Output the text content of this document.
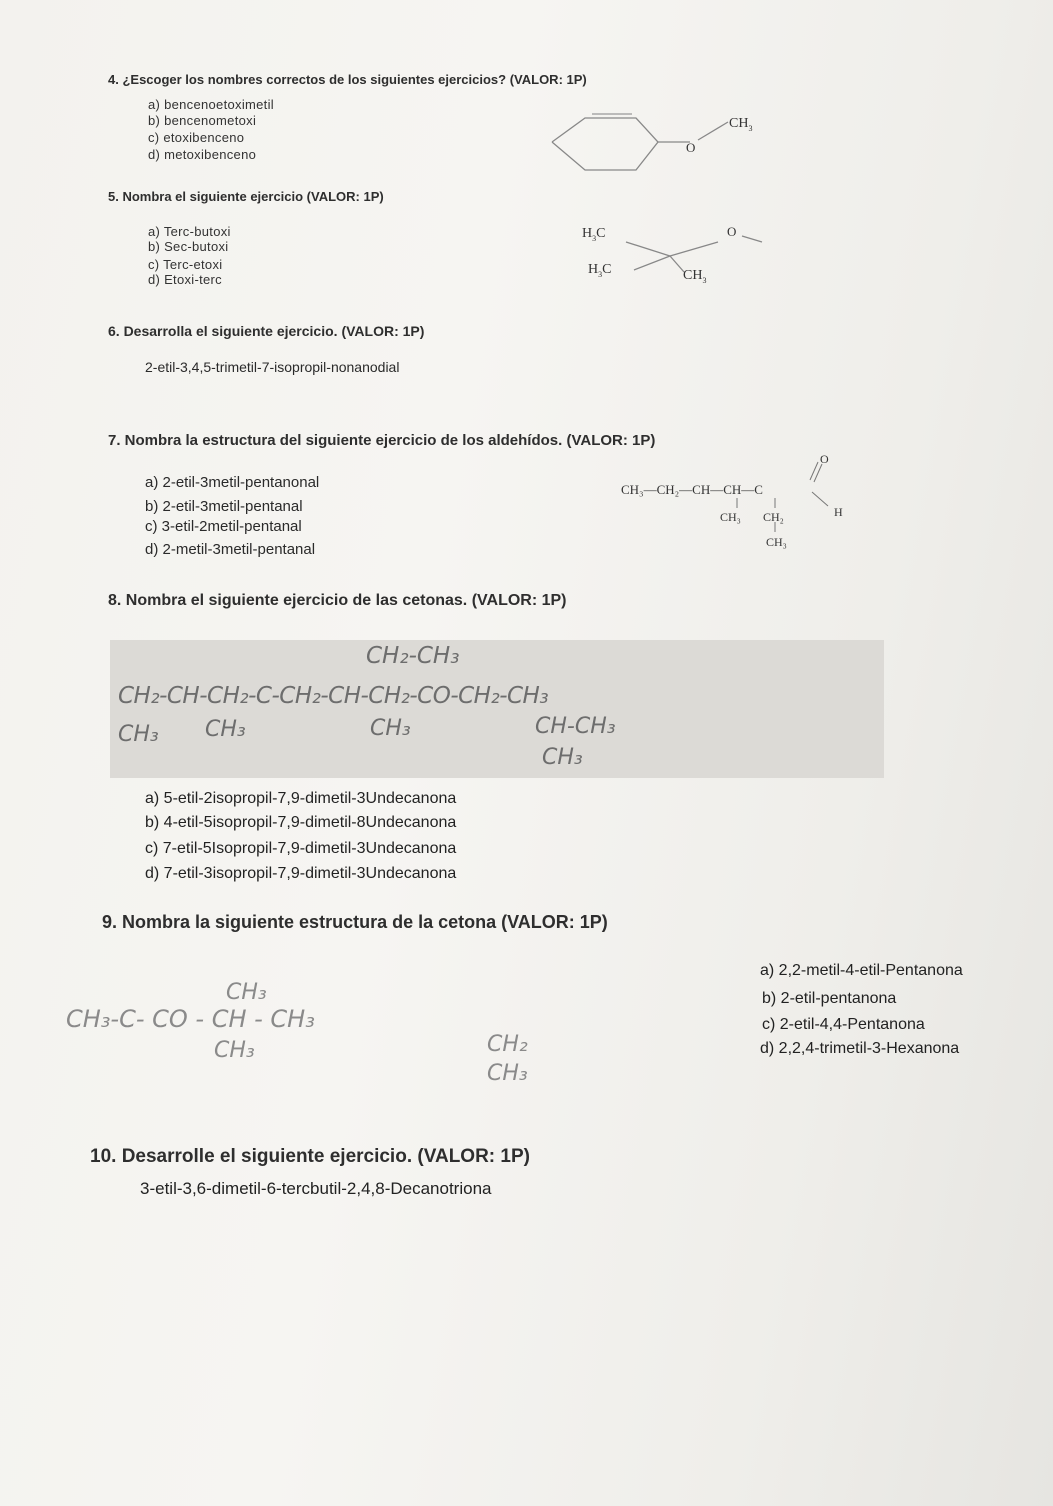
4. ¿Escoger los nombres correctos de los siguientes ejercicios? (VALOR: 1P)
a) bencenoetoximetil
b) bencenometoxi
c) etoxibenceno
d) metoxibenceno
$CH_3$
O
5. Nombra el siguiente ejercicio (VALOR: 1P)
a) Terc-butoxi
b) Sec-butoxi
c) Terc-etoxi
d) Etoxi-terc
$H_3C$
$H_3C$
O
$CH_3$
6. Desarrolla el siguiente ejercicio. (VALOR: 1P)
2-etil-3,4,5-trimetil-7-isopropil-nonanodial
7. Nombra la estructura del siguiente ejercicio de los aldehídos. (VALOR: 1P)
a) 2-etil-3metil-pentanonal
b) 2-etil-3metil-pentanal
c) 3-etil-2metil-pentanal
d) 2-metil-3metil-pentanal
CH₃—CH₂—CH—CH—C
O
H
CH₃ CH₂
CH₃
8. Nombra el siguiente ejercicio de las cetonas. (VALOR: 1P)
CH₂-CH₃
CH₂-CH-CH₂-C-CH₂-CH-CH₂-CO-CH₂-CH₃
CH₃ CH₃	CH₃	CH-CH₃
CH₃
a) 5-etil-2isopropil-7,9-dimetil-3Undecanona
b) 4-etil-5isopropil-7,9-dimetil-8Undecanona
c) 7-etil-5Isopropil-7,9-dimetil-3Undecanona
d) 7-etil-3isopropil-7,9-dimetil-3Undecanona
9. Nombra la siguiente estructura de la cetona (VALOR: 1P)
a) 2,2-metil-4-etil-Pentanona
b) 2-etil-pentanona
c) 2-etil-4,4-Pentanona
d) 2,2,4-trimetil-3-Hexanona
CH₃
CH₃-C- CO - CH - CH₃
CH₃	CH₂
CH₃
10. Desarrolle el siguiente ejercicio. (VALOR: 1P)
3-etil-3,6-dimetil-6-tercbutil-2,4,8-Decanotriona
